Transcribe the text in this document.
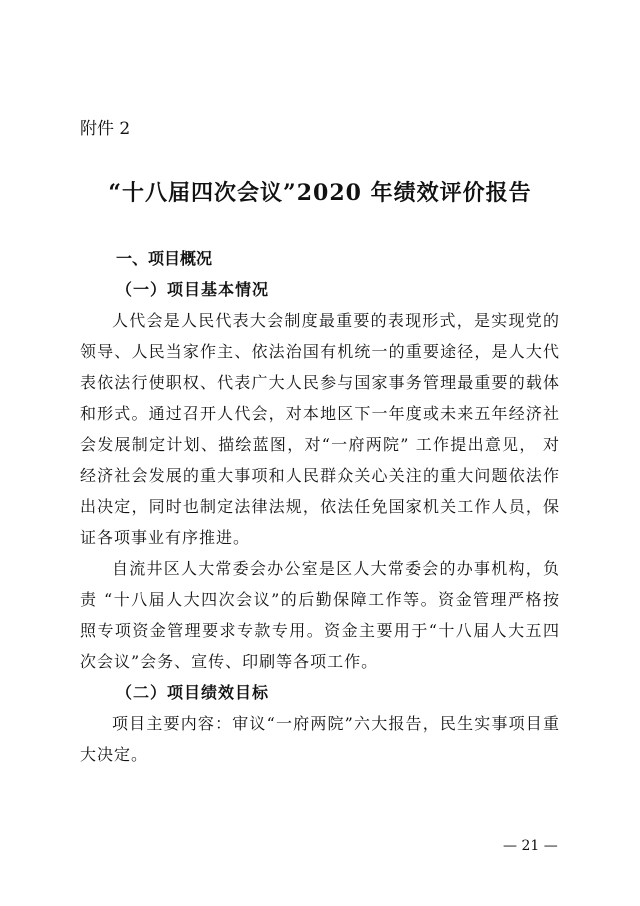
附件 2
“十八届四次会议”2020 年绩效评价报告

一、项目概况

（一）项目基本情况

人代会是人民代表大会制度最重要的表现形式，是实现党的领导、人民当家作主、依法治国有机统一的重要途径，是人大代表依法行使职权、代表广大人民参与国家事务管理最重要的载体和形式。通过召开人代会，对本地区下一年度或未来五年经济社会发展制定计划、描绘蓝图，对“一府两院” 工作提出意见， 对经济社会发展的重大事项和人民群众关心关注的重大问题依法作出决定，同时也制定法律法规，依法任免国家机关工作人员，保证各项事业有序推进。

自流井区人大常委会办公室是区人大常委会的办事机构，负责 “十八届人大四次会议”的后勤保障工作等。资金管理严格按照专项资金管理要求专款专用。资金主要用于“十八届人大五四次会议”会务、宣传、印刷等各项工作。

（二）项目绩效目标

项目主要内容：审议“一府两院”六大报告，民生实事项目重大决定。

— 21 —
